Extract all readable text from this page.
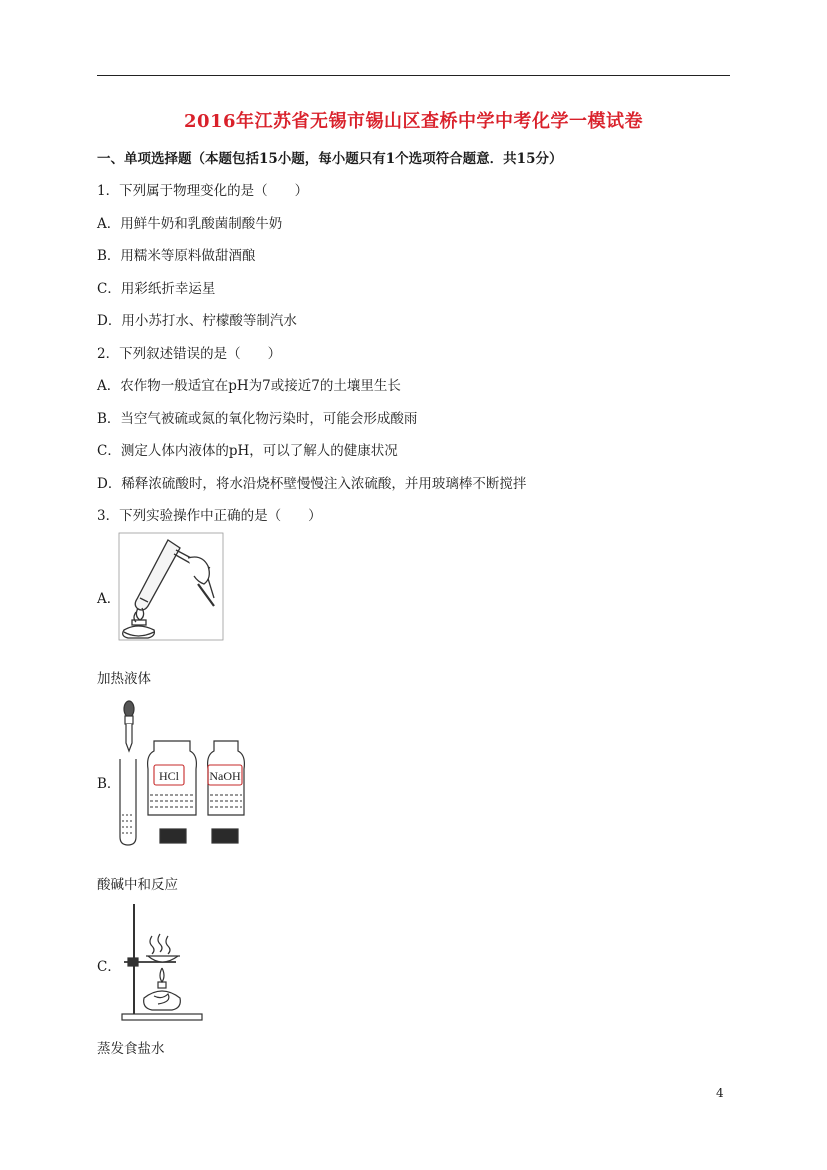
2016年江苏省无锡市锡山区查桥中学中考化学一模试卷
一、单项选择题（本题包括15小题，每小题只有1个选项符合题意．共15分）
1．下列属于物理变化的是（　　）
A．用鲜牛奶和乳酸菌制酸牛奶
B．用糯米等原料做甜酒酿
C．用彩纸折幸运星
D．用小苏打水、柠檬酸等制汽水
2．下列叙述错误的是（　　）
A．农作物一般适宜在pH为7或接近7的土壤里生长
B．当空气被硫或氮的氧化物污染时，可能会形成酸雨
C．测定人体内液体的pH，可以了解人的健康状况
D．稀释浓硫酸时，将水沿烧杯壁慢慢注入浓硫酸，并用玻璃棒不断搅拌
3．下列实验操作中正确的是（　　）
A．
加热液体
B．	HCl	NaOH
酸碱中和反应
C．
蒸发食盐水
4
